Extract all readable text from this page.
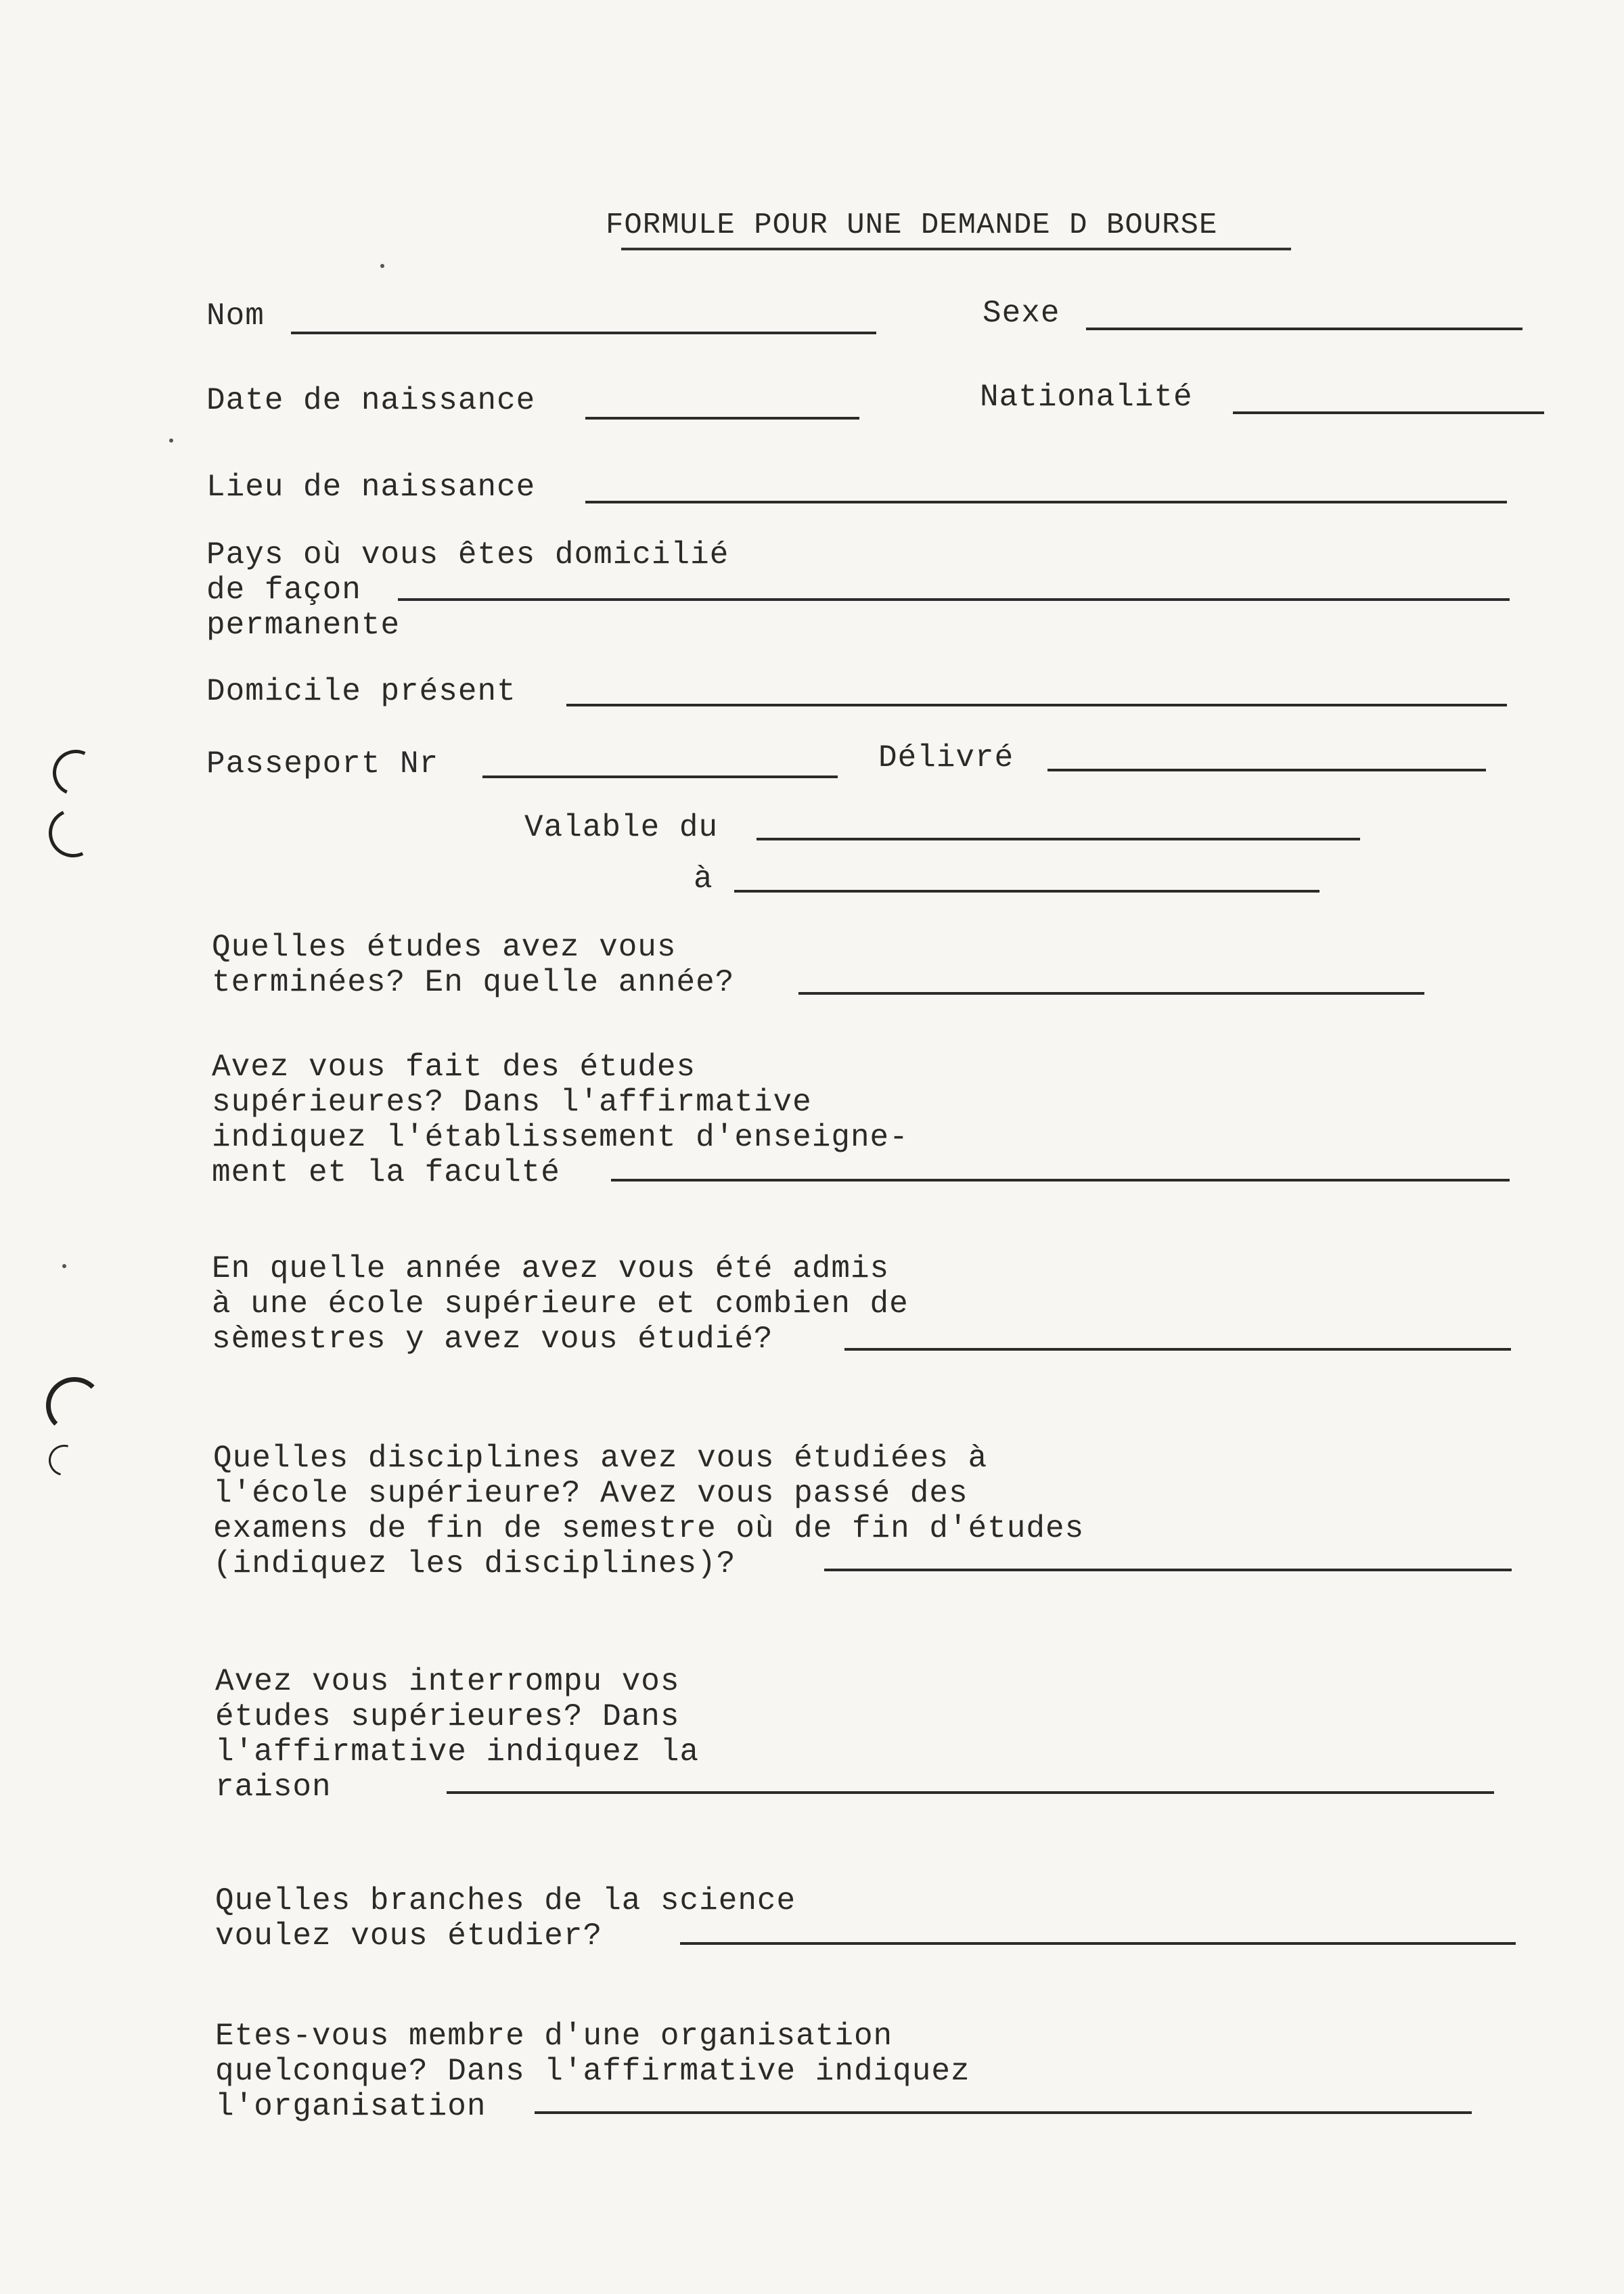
FORMULE POUR UNE DEMANDE D BOURSE
Nom	Sexe
Date de naissance	Nationalité
Lieu de naissance
Pays où vous êtes domicilié
de façon
permanente
Domicile présent
Passeport Nr	Délivré
Valable du
à
Quelles études avez vous
terminées? En quelle année?
Avez vous fait des études
supérieures? Dans l'affirmative
indiquez l'établissement d'enseigne-
ment et la faculté
En quelle année avez vous été admis
à une école supérieure et combien de
sèmestres y avez vous étudié?
Quelles disciplines avez vous étudiées à
l'école supérieure? Avez vous passé des
examens de fin de semestre où de fin d'études
(indiquez les disciplines)?
Avez vous interrompu vos
études supérieures? Dans
l'affirmative indiquez la
raison
Quelles branches de la science
voulez vous étudier?
Etes-vous membre d'une organisation
quelconque? Dans l'affirmative indiquez
l'organisation
